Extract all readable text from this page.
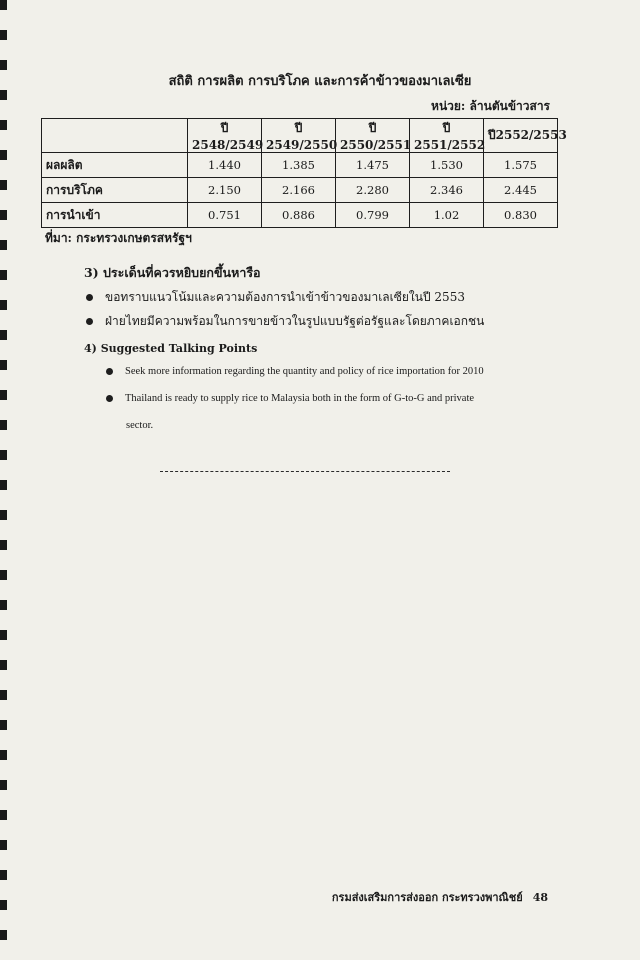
สถิติ การผลิต การบริโภค และการค้าข้าวของมาเลเซีย
หน่วย: ล้านตันข้าวสาร
	ปี 2548/2549	ปี 2549/2550	ปี 2550/2551	ปี 2551/2552	ปี2552/2553
ผลผลิต	1.440	1.385	1.475	1.530	1.575
การบริโภค	2.150	2.166	2.280	2.346	2.445
การนำเข้า	0.751	0.886	0.799	1.02	0.830
ที่มา: กระทรวงเกษตรสหรัฐฯ
3) ประเด็นที่ควรหยิบยกขึ้นหารือ
ขอทราบแนวโน้มและความต้องการนำเข้าข้าวของมาเลเซียในปี 2553
ฝ่ายไทยมีความพร้อมในการขายข้าวในรูปแบบรัฐต่อรัฐและโดยภาคเอกชน
4) Suggested Talking Points
Seek more information regarding the quantity and policy of rice importation for 2010
Thailand is ready to supply rice to Malaysia both in the form of G-to-G and private
sector.
กรมส่งเสริมการส่งออก กระทรวงพาณิชย์ 48
